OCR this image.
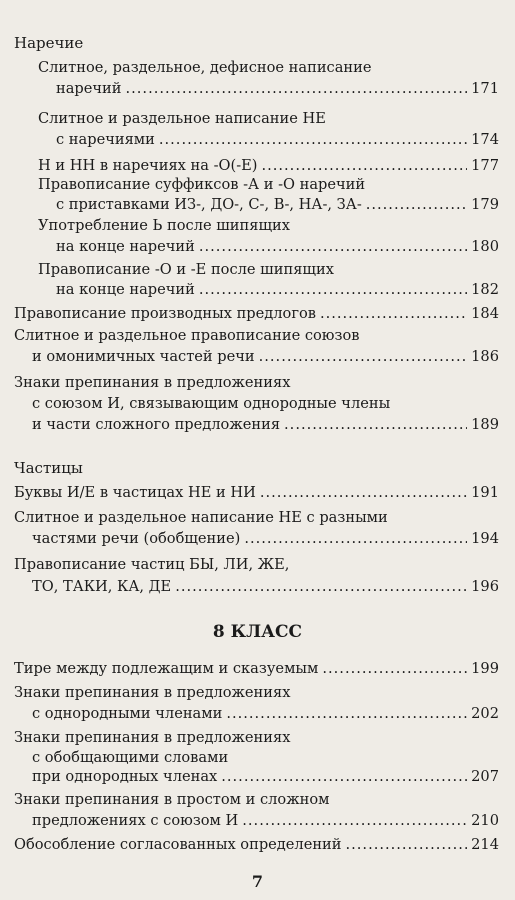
Наречие
Слитное, раздельное, дефисное написание
наречий .....	171
Слитное и раздельное написание НЕ
с наречиями .....	174
Н и НН в наречиях на -О(-Е) .....	177
Правописание суффиксов -А и -О наречий
с приставками ИЗ-, ДО-, С-, В-, НА-, ЗА- .....	179
Употребление Ь после шипящих
на конце наречий .....	180
Правописание -О и -Е после шипящих
на конце наречий .....	182
Правописание производных предлогов .....	184
Слитное и раздельное правописание союзов
и омонимичных частей речи .....	186
Знаки препинания в предложениях
с союзом И, связывающим однородные члены
и части сложного предложения .....	189
Частицы
Буквы И/Е в частицах НЕ и НИ .....	191
Слитное и раздельное написание НЕ с разными
частями речи (обобщение) .....	194
Правописание частиц БЫ, ЛИ, ЖЕ,
ТО, ТАКИ, КА, ДЕ .....	196
8 КЛАСС
Тире между подлежащим и сказуемым .....	199
Знаки препинания в предложениях
с однородными членами .....	202
Знаки препинания в предложениях
с обобщающими словами
при однородных членах .....	207
Знаки препинания в простом и сложном
предложениях с союзом И .....	210
Обособление согласованных определений .....	214
7
